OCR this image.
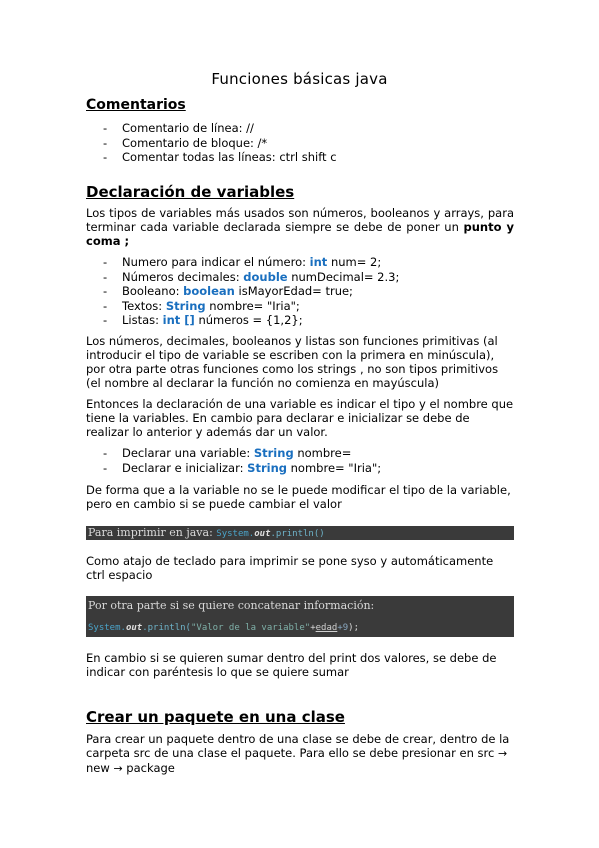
Funciones básicas java
Comentarios
- Comentario de línea: //
- Comentario de bloque: /*
- Comentar todas las líneas: ctrl shift c
Declaración de variables
Los tipos de variables más usados son números, booleanos y arrays, para terminar cada variable declarada siempre se debe de poner un punto y coma ;
- Numero para indicar el número: int num= 2;
- Números decimales: double numDecimal= 2.3;
- Booleano: boolean isMayorEdad= true;
- Textos: String nombre= "Iria";
- Listas: int [] números = {1,2};
Los números, decimales, booleanos y listas son funciones primitivas (al introducir el tipo de variable se escriben con la primera en minúscula), por otra parte otras funciones como los strings , no son tipos primitivos (el nombre al declarar la función no comienza en mayúscula)
Entonces la declaración de una variable es indicar el tipo y el nombre que tiene la variables. En cambio para declarar e inicializar se debe de realizar lo anterior y además dar un valor.
- Declarar una variable: String nombre=
- Declarar e inicializar: String nombre= "Iria";
De forma que a la variable no se le puede modificar el tipo de la variable, pero en cambio si se puede cambiar el valor
Para imprimir en java: System.out.println()
Como atajo de teclado para imprimir se pone syso y automáticamente ctrl espacio
Por otra parte si se quiere concatenar información:
System.out.println("Valor de la variable"+edad+9);
En cambio si se quieren sumar dentro del print dos valores, se debe de indicar con paréntesis lo que se quiere sumar
Crear un paquete en una clase
Para crear un paquete dentro de una clase se debe de crear, dentro de la carpeta src de una clase el paquete. Para ello se debe presionar en src →
new → package
